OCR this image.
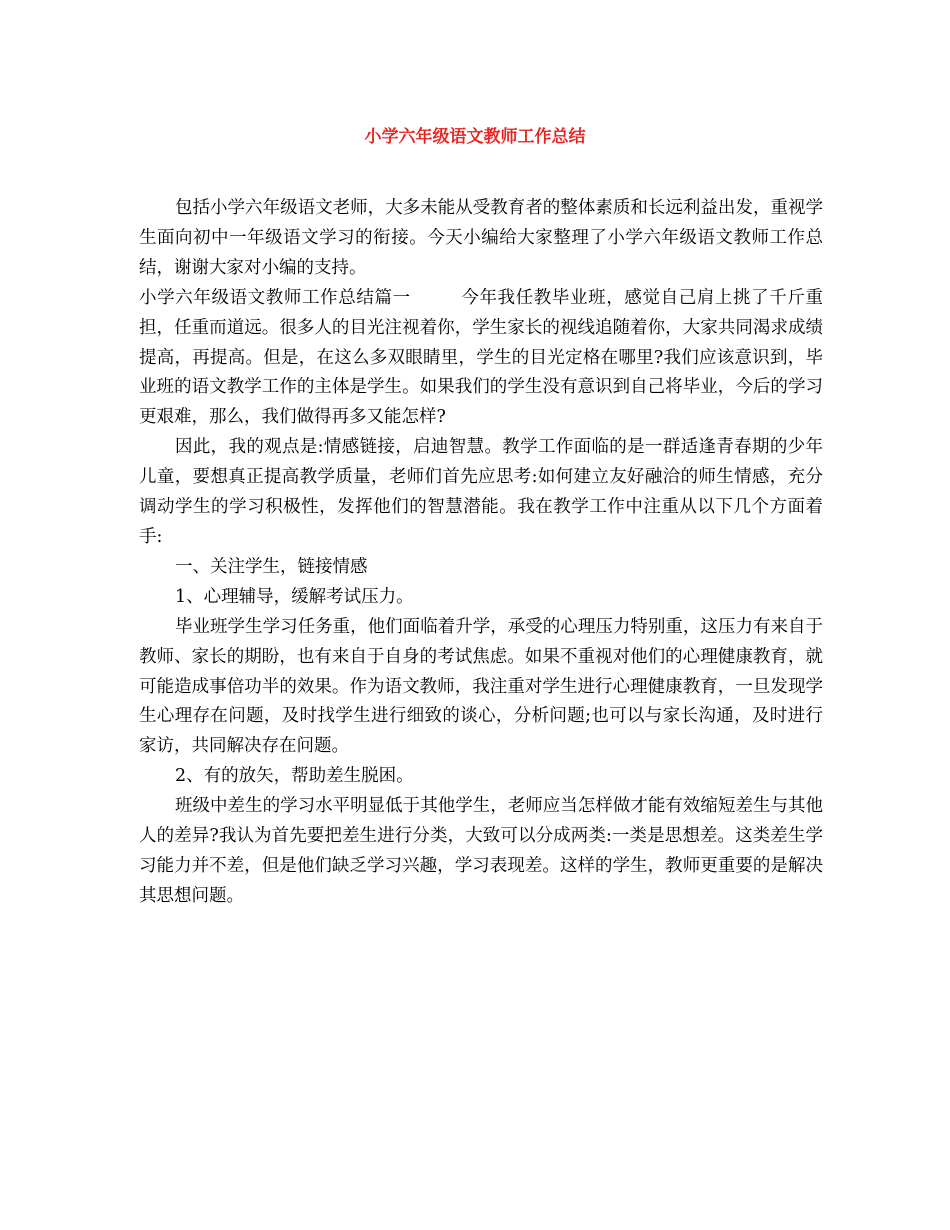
小学六年级语文教师工作总结

包括小学六年级语文老师，大多未能从受教育者的整体素质和长远利益出发，重视学生面向初中一年级语文学习的衔接。今天小编给大家整理了小学六年级语文教师工作总结，谢谢大家对小编的支持。

小学六年级语文教师工作总结篇一	今年我任教毕业班，感觉自己肩上挑了千斤重担，任重而道远。很多人的目光注视着你，学生家长的视线追随着你，大家共同渴求成绩提高，再提高。但是，在这么多双眼睛里，学生的目光定格在哪里?我们应该意识到，毕业班的语文教学工作的主体是学生。如果我们的学生没有意识到自己将毕业，今后的学习更艰难，那么，我们做得再多又能怎样?

因此，我的观点是:情感链接，启迪智慧。教学工作面临的是一群适逢青春期的少年儿童，要想真正提高教学质量，老师们首先应思考:如何建立友好融洽的师生情感，充分调动学生的学习积极性，发挥他们的智慧潜能。我在教学工作中注重从以下几个方面着手:

一、关注学生，链接情感

1、心理辅导，缓解考试压力。

毕业班学生学习任务重，他们面临着升学，承受的心理压力特别重，这压力有来自于教师、家长的期盼，也有来自于自身的考试焦虑。如果不重视对他们的心理健康教育，就可能造成事倍功半的效果。作为语文教师，我注重对学生进行心理健康教育，一旦发现学生心理存在问题，及时找学生进行细致的谈心，分析问题;也可以与家长沟通，及时进行家访，共同解决存在问题。

2、有的放矢，帮助差生脱困。

班级中差生的学习水平明显低于其他学生，老师应当怎样做才能有效缩短差生与其他人的差异?我认为首先要把差生进行分类，大致可以分成两类:一类是思想差。这类差生学习能力并不差，但是他们缺乏学习兴趣，学习表现差。这样的学生，教师更重要的是解决其思想问题。
